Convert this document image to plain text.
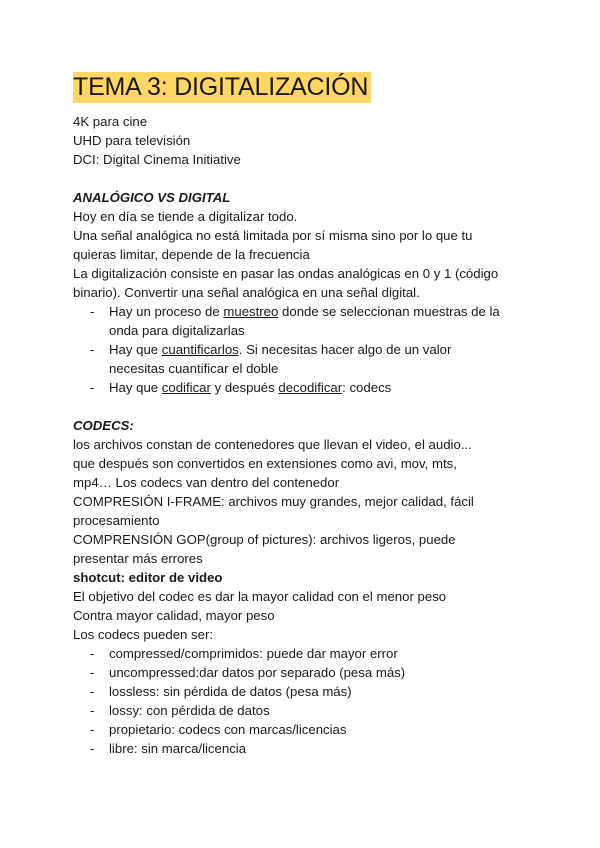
TEMA 3: DIGITALIZACIÓN

4K para cine

UHD para televisión

DCI: Digital Cinema Initiative

ANALÓGICO VS DIGITAL

Hoy en día se tiende a digitalizar todo.

Una señal analógica no está limitada por sí misma sino por lo que tu

quieras limitar, depende de la frecuencia

La digitalización consiste en pasar las ondas analógicas en 0 y 1 (código

binario). Convertir una señal analógica en una señal digital.

- Hay un proceso de muestreo donde se seleccionan muestras de la
onda para digitalizarlas
- Hay que cuantificarlos. Si necesitas hacer algo de un valor
necesitas cuantificar el doble
- Hay que codificar y después decodificar: codecs

CODECS:

los archivos constan de contenedores que llevan el video, el audio...

que después son convertidos en extensiones como avi, mov, mts,

mp4… Los codecs van dentro del contenedor

COMPRESIÓN I-FRAME: archivos muy grandes, mejor calidad, fácil

procesamiento

COMPRENSIÓN GOP(group of pictures): archivos ligeros, puede

presentar más errores

shotcut: editor de video

El objetivo del codec es dar la mayor calidad con el menor peso

Contra mayor calidad, mayor peso

Los codecs pueden ser:

- compressed/comprimidos: puede dar mayor error
- uncompressed:dar datos por separado (pesa más)
- lossless: sin pérdida de datos (pesa más)
- lossy: con pérdida de datos
- propietario: codecs con marcas/licencias
- libre: sin marca/licencia
